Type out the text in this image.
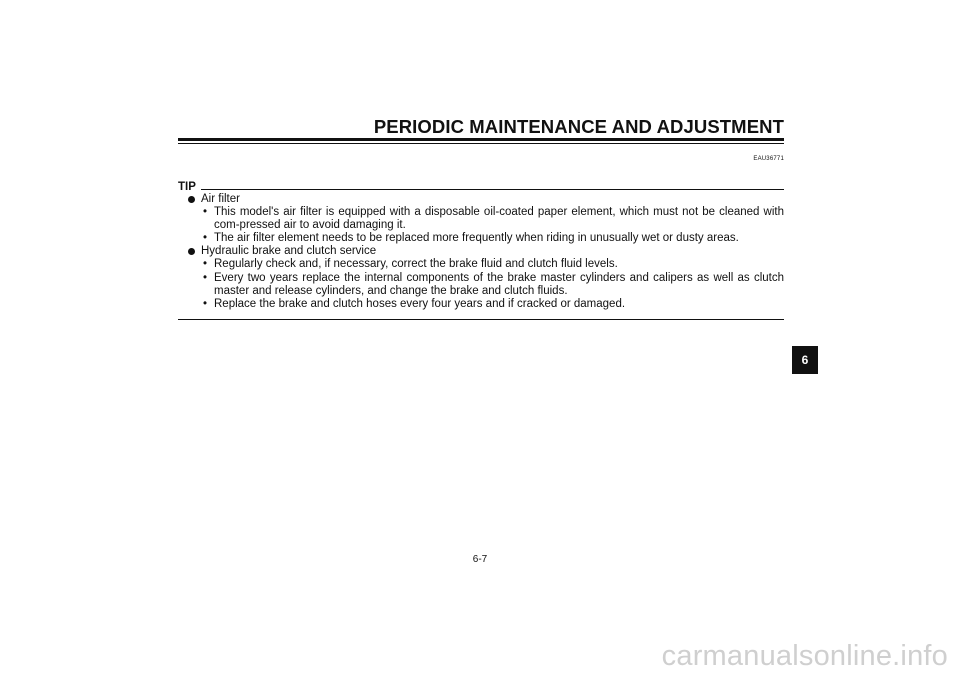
PERIODIC MAINTENANCE AND ADJUSTMENT
EAU36771
TIP
Air filter
• This model's air filter is equipped with a disposable oil-coated paper element, which must not be cleaned with com-pressed air to avoid damaging it.
• The air filter element needs to be replaced more frequently when riding in unusually wet or dusty areas.
Hydraulic brake and clutch service
• Regularly check and, if necessary, correct the brake fluid and clutch fluid levels.
• Every two years replace the internal components of the brake master cylinders and calipers as well as clutch master and release cylinders, and change the brake and clutch fluids.
• Replace the brake and clutch hoses every four years and if cracked or damaged.
6
6-7
carmanualsonline.info
